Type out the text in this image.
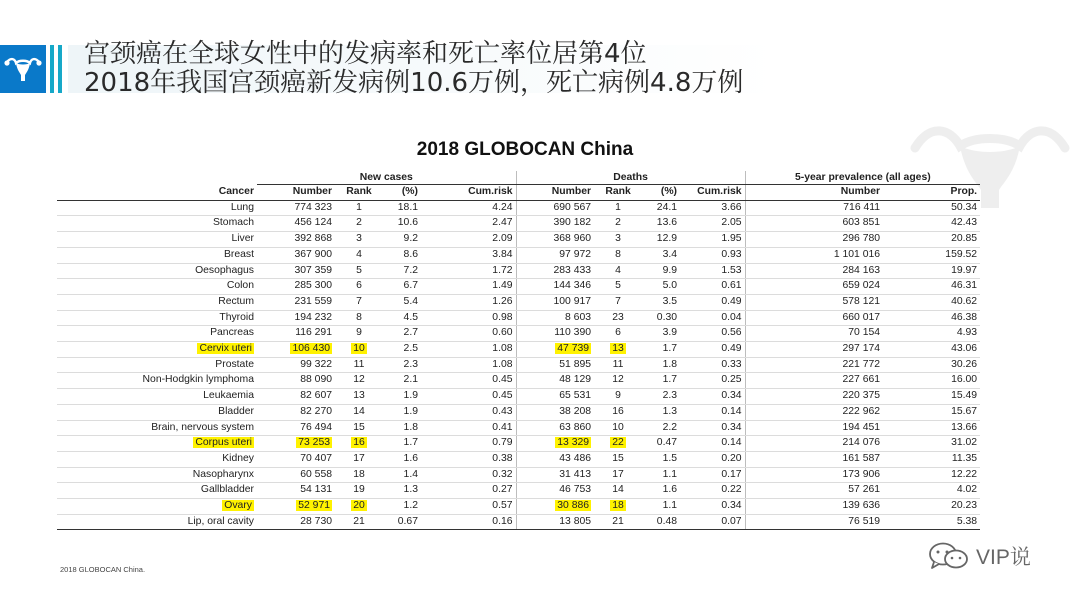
宫颈癌在全球女性中的发病率和死亡率位居第4位
2018年我国宫颈癌新发病例10.6万例，死亡病例4.8万例
2018 GLOBOCAN China
	New cases				Deaths				5-year prevalence (all ages)	
Cancer	Number	Rank	(%)	Cum.risk	Number	Rank	(%)	Cum.risk	Number	Prop.
Lung	774 323	1	18.1	4.24	690 567	1	24.1	3.66	716 411	50.34
Stomach	456 124	2	10.6	2.47	390 182	2	13.6	2.05	603 851	42.43
Liver	392 868	3	9.2	2.09	368 960	3	12.9	1.95	296 780	20.85
Breast	367 900	4	8.6	3.84	97 972	8	3.4	0.93	1 101 016	159.52
Oesophagus	307 359	5	7.2	1.72	283 433	4	9.9	1.53	284 163	19.97
Colon	285 300	6	6.7	1.49	144 346	5	5.0	0.61	659 024	46.31
Rectum	231 559	7	5.4	1.26	100 917	7	3.5	0.49	578 121	40.62
Thyroid	194 232	8	4.5	0.98	8 603	23	0.30	0.04	660 017	46.38
Pancreas	116 291	9	2.7	0.60	110 390	6	3.9	0.56	70 154	4.93
Cervix uteri	106 430	10	2.5	1.08	47 739	13	1.7	0.49	297 174	43.06
Prostate	99 322	11	2.3	1.08	51 895	11	1.8	0.33	221 772	30.26
Non-Hodgkin lymphoma	88 090	12	2.1	0.45	48 129	12	1.7	0.25	227 661	16.00
Leukaemia	82 607	13	1.9	0.45	65 531	9	2.3	0.34	220 375	15.49
Bladder	82 270	14	1.9	0.43	38 208	16	1.3	0.14	222 962	15.67
Brain, nervous system	76 494	15	1.8	0.41	63 860	10	2.2	0.34	194 451	13.66
Corpus uteri	73 253	16	1.7	0.79	13 329	22	0.47	0.14	214 076	31.02
Kidney	70 407	17	1.6	0.38	43 486	15	1.5	0.20	161 587	11.35
Nasopharynx	60 558	18	1.4	0.32	31 413	17	1.1	0.17	173 906	12.22
Gallbladder	54 131	19	1.3	0.27	46 753	14	1.6	0.22	57 261	4.02
Ovary	52 971	20	1.2	0.57	30 886	18	1.1	0.34	139 636	20.23
Lip, oral cavity	28 730	21	0.67	0.16	13 805	21	0.48	0.07	76 519	5.38
2018 GLOBOCAN China.
VIP说
